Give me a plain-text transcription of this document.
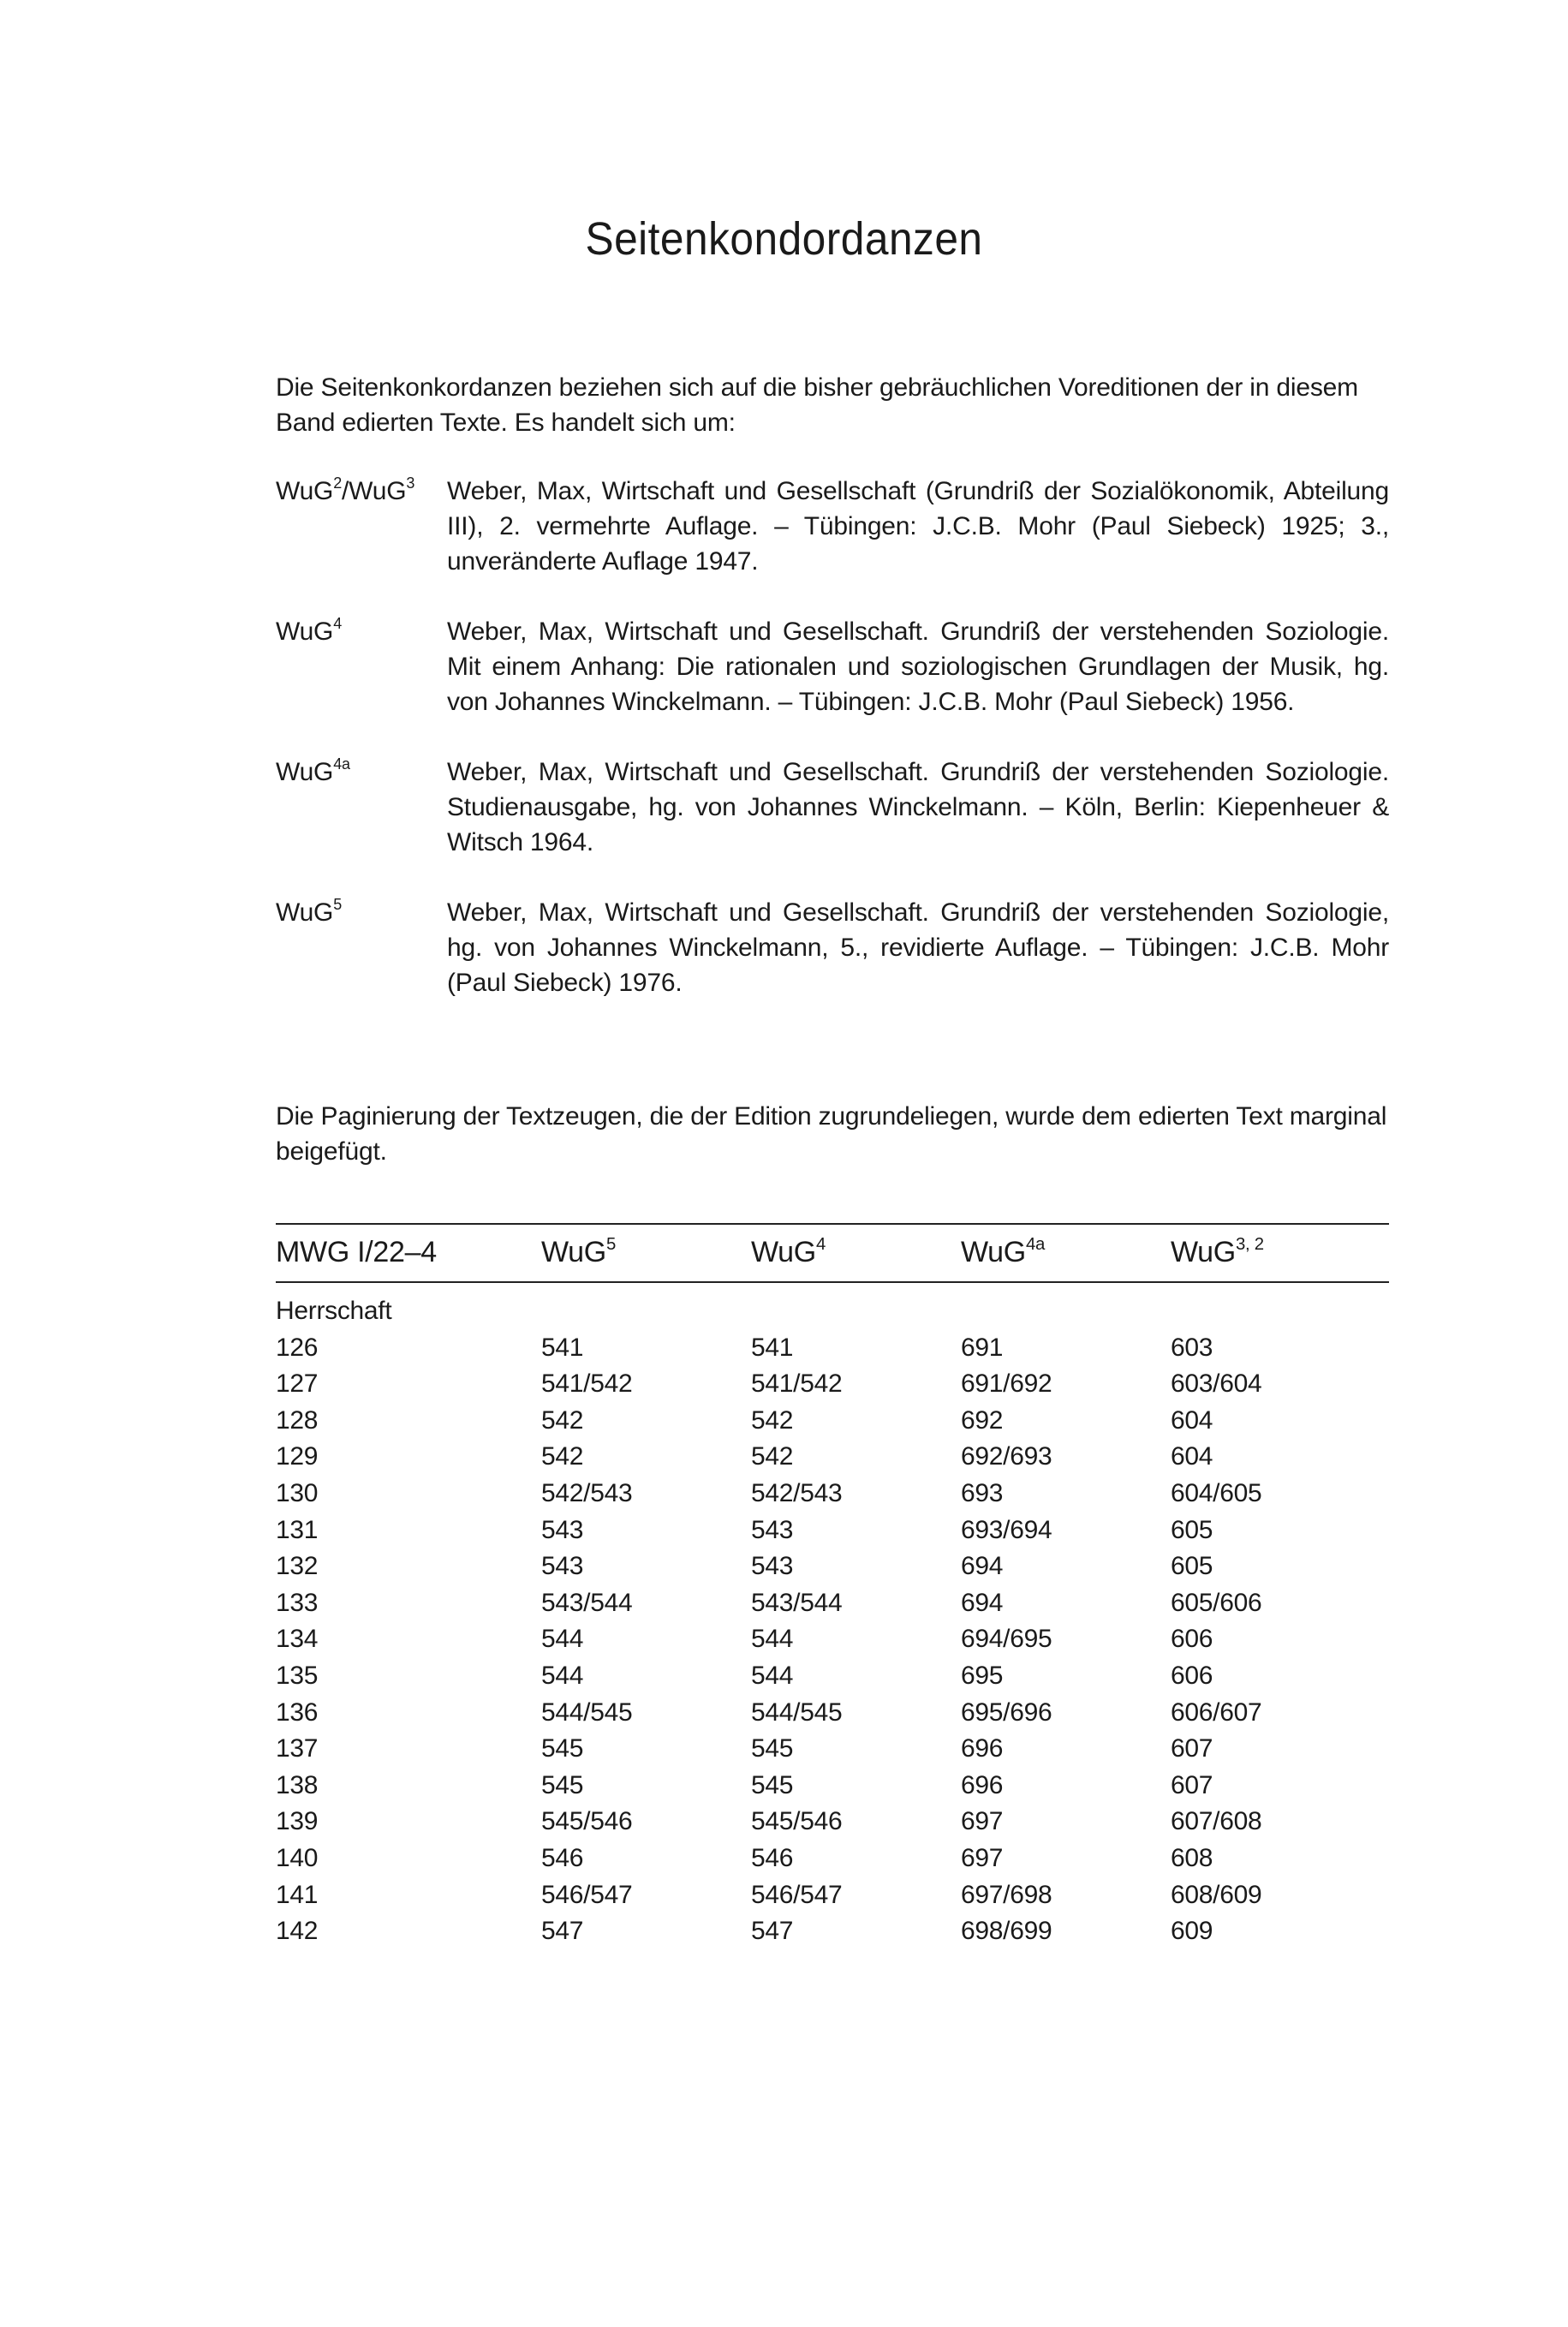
Seitenkondordanzen

Die Seitenkonkordanzen beziehen sich auf die bisher gebräuchlichen Voreditionen der in diesem Band edierten Texte. Es handelt sich um:

WuG$^2$/WuG$^3$	Weber, Max, Wirtschaft und Gesellschaft (Grundriß der Sozialökonomik, Abteilung III), 2. vermehrte Auflage. – Tübingen: J.C.B. Mohr (Paul Siebeck) 1925; 3., unveränderte Auflage 1947.
WuG$^4$	Weber, Max, Wirtschaft und Gesellschaft. Grundriß der verstehenden Soziologie. Mit einem Anhang: Die rationalen und soziologischen Grundlagen der Musik, hg. von Johannes Winckelmann. – Tübingen: J.C.B. Mohr (Paul Siebeck) 1956.
WuG$^{4a}$	Weber, Max, Wirtschaft und Gesellschaft. Grundriß der verstehenden Soziologie. Studienausgabe, hg. von Johannes Winckelmann. – Köln, Berlin: Kiepenheuer & Witsch 1964.
WuG$^5$	Weber, Max, Wirtschaft und Gesellschaft. Grundriß der verstehenden Soziologie, hg. von Johannes Winckelmann, 5., revidierte Auflage. – Tübingen: J.C.B. Mohr (Paul Siebeck) 1976.

Die Paginierung der Textzeugen, die der Edition zugrundeliegen, wurde dem edierten Text marginal beigefügt.

MWG I/22–4	WuG$^5$	WuG$^4$	WuG$^{4a}$	WuG$^{3, 2}$
Herrschaft				
126	541	541	691	603
127	541/542	541/542	691/692	603/604
128	542	542	692	604
129	542	542	692/693	604
130	542/543	542/543	693	604/605
131	543	543	693/694	605
132	543	543	694	605
133	543/544	543/544	694	605/606
134	544	544	694/695	606
135	544	544	695	606
136	544/545	544/545	695/696	606/607
137	545	545	696	607
138	545	545	696	607
139	545/546	545/546	697	607/608
140	546	546	697	608
141	546/547	546/547	697/698	608/609
142	547	547	698/699	609
